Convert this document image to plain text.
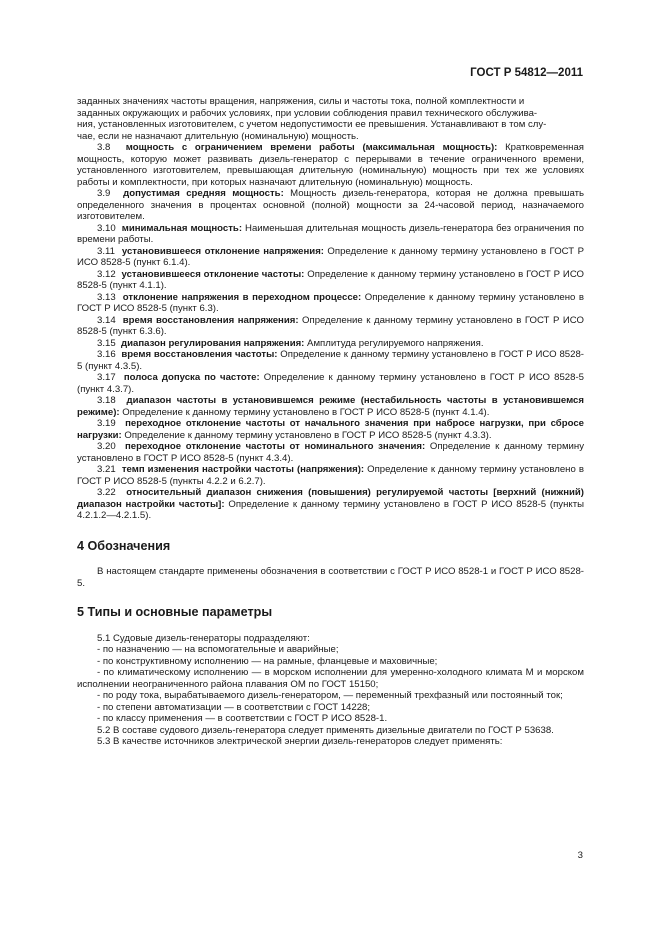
ГОСТ Р 54812—2011

заданных значениях частоты вращения, напряжения, силы и частоты тока, полной комплектности и

заданных окружающих и рабочих условиях, при условии соблюдения правил технического обслужива-

ния, установленных изготовителем, с учетом недопустимости ее превышения. Устанавливают в том слу-

чае, если не назначают длительную (номинальную) мощность.

3.8 мощность с ограничением времени работы (максимальная мощность): Кратковременная мощность, которую может развивать дизель-генератор с перерывами в течение ограниченного времени, установленного изготовителем, превышающая длительную (номинальную) мощность при тех же условиях работы и комплектности, при которых назначают длительную (номинальную) мощность.

3.9 допустимая средняя мощность: Мощность дизель-генератора, которая не должна превышать определенного значения в процентах основной (полной) мощности за 24-часовой период, назначаемого изготовителем.

3.10 минимальная мощность: Наименьшая длительная мощность дизель-генератора без ограничения по времени работы.

3.11 установившееся отклонение напряжения: Определение к данному термину установлено в ГОСТ Р ИСО 8528-5 (пункт 6.1.4).

3.12 установившееся отклонение частоты: Определение к данному термину установлено в ГОСТ Р ИСО 8528-5 (пункт 4.1.1).

3.13 отклонение напряжения в переходном процессе: Определение к данному термину установлено в ГОСТ Р ИСО 8528-5 (пункт 6.3).

3.14 время восстановления напряжения: Определение к данному термину установлено в ГОСТ Р ИСО 8528-5 (пункт 6.3.6).

3.15 диапазон регулирования напряжения: Амплитуда регулируемого напряжения.

3.16 время восстановления частоты: Определение к данному термину установлено в ГОСТ Р ИСО 8528-5 (пункт 4.3.5).

3.17 полоса допуска по частоте: Определение к данному термину установлено в ГОСТ Р ИСО 8528-5 (пункт 4.3.7).

3.18 диапазон частоты в установившемся режиме (нестабильность частоты в установившемся режиме): Определение к данному термину установлено в ГОСТ Р ИСО 8528-5 (пункт 4.1.4).

3.19 переходное отклонение частоты от начального значения при набросе нагрузки, при сбросе нагрузки: Определение к данному термину установлено в ГОСТ Р ИСО 8528-5 (пункт 4.3.3).

3.20 переходное отклонение частоты от номинального значения: Определение к данному термину установлено в ГОСТ Р ИСО 8528-5 (пункт 4.3.4).

3.21 темп изменения настройки частоты (напряжения): Определение к данному термину установлено в ГОСТ Р ИСО 8528-5 (пункты 4.2.2 и 6.2.7).

3.22 относительный диапазон снижения (повышения) регулируемой частоты [верхний (нижний) диапазон настройки частоты]: Определение к данному термину установлено в ГОСТ Р ИСО 8528-5 (пункты 4.2.1.2—4.2.1.5).

4 Обозначения

В настоящем стандарте применены обозначения в соответствии с ГОСТ Р ИСО 8528-1 и ГОСТ Р ИСО 8528-5.

5 Типы и основные параметры

5.1 Судовые дизель-генераторы подразделяют:

- по назначению — на вспомогательные и аварийные;

- по конструктивному исполнению — на рамные, фланцевые и маховичные;

- по климатическому исполнению — в морском исполнении для умеренно-холодного климата М и морском исполнении неограниченного района плавания ОМ по ГОСТ 15150;

- по роду тока, вырабатываемого дизель-генератором, — переменный трехфазный или постоянный ток;

- по степени автоматизации — в соответствии с ГОСТ 14228;

- по классу применения — в соответствии с ГОСТ Р ИСО 8528-1.

5.2 В составе судового дизель-генератора следует применять дизельные двигатели по ГОСТ Р 53638.

5.3 В качестве источников электрической энергии дизель-генераторов следует применять:

3
